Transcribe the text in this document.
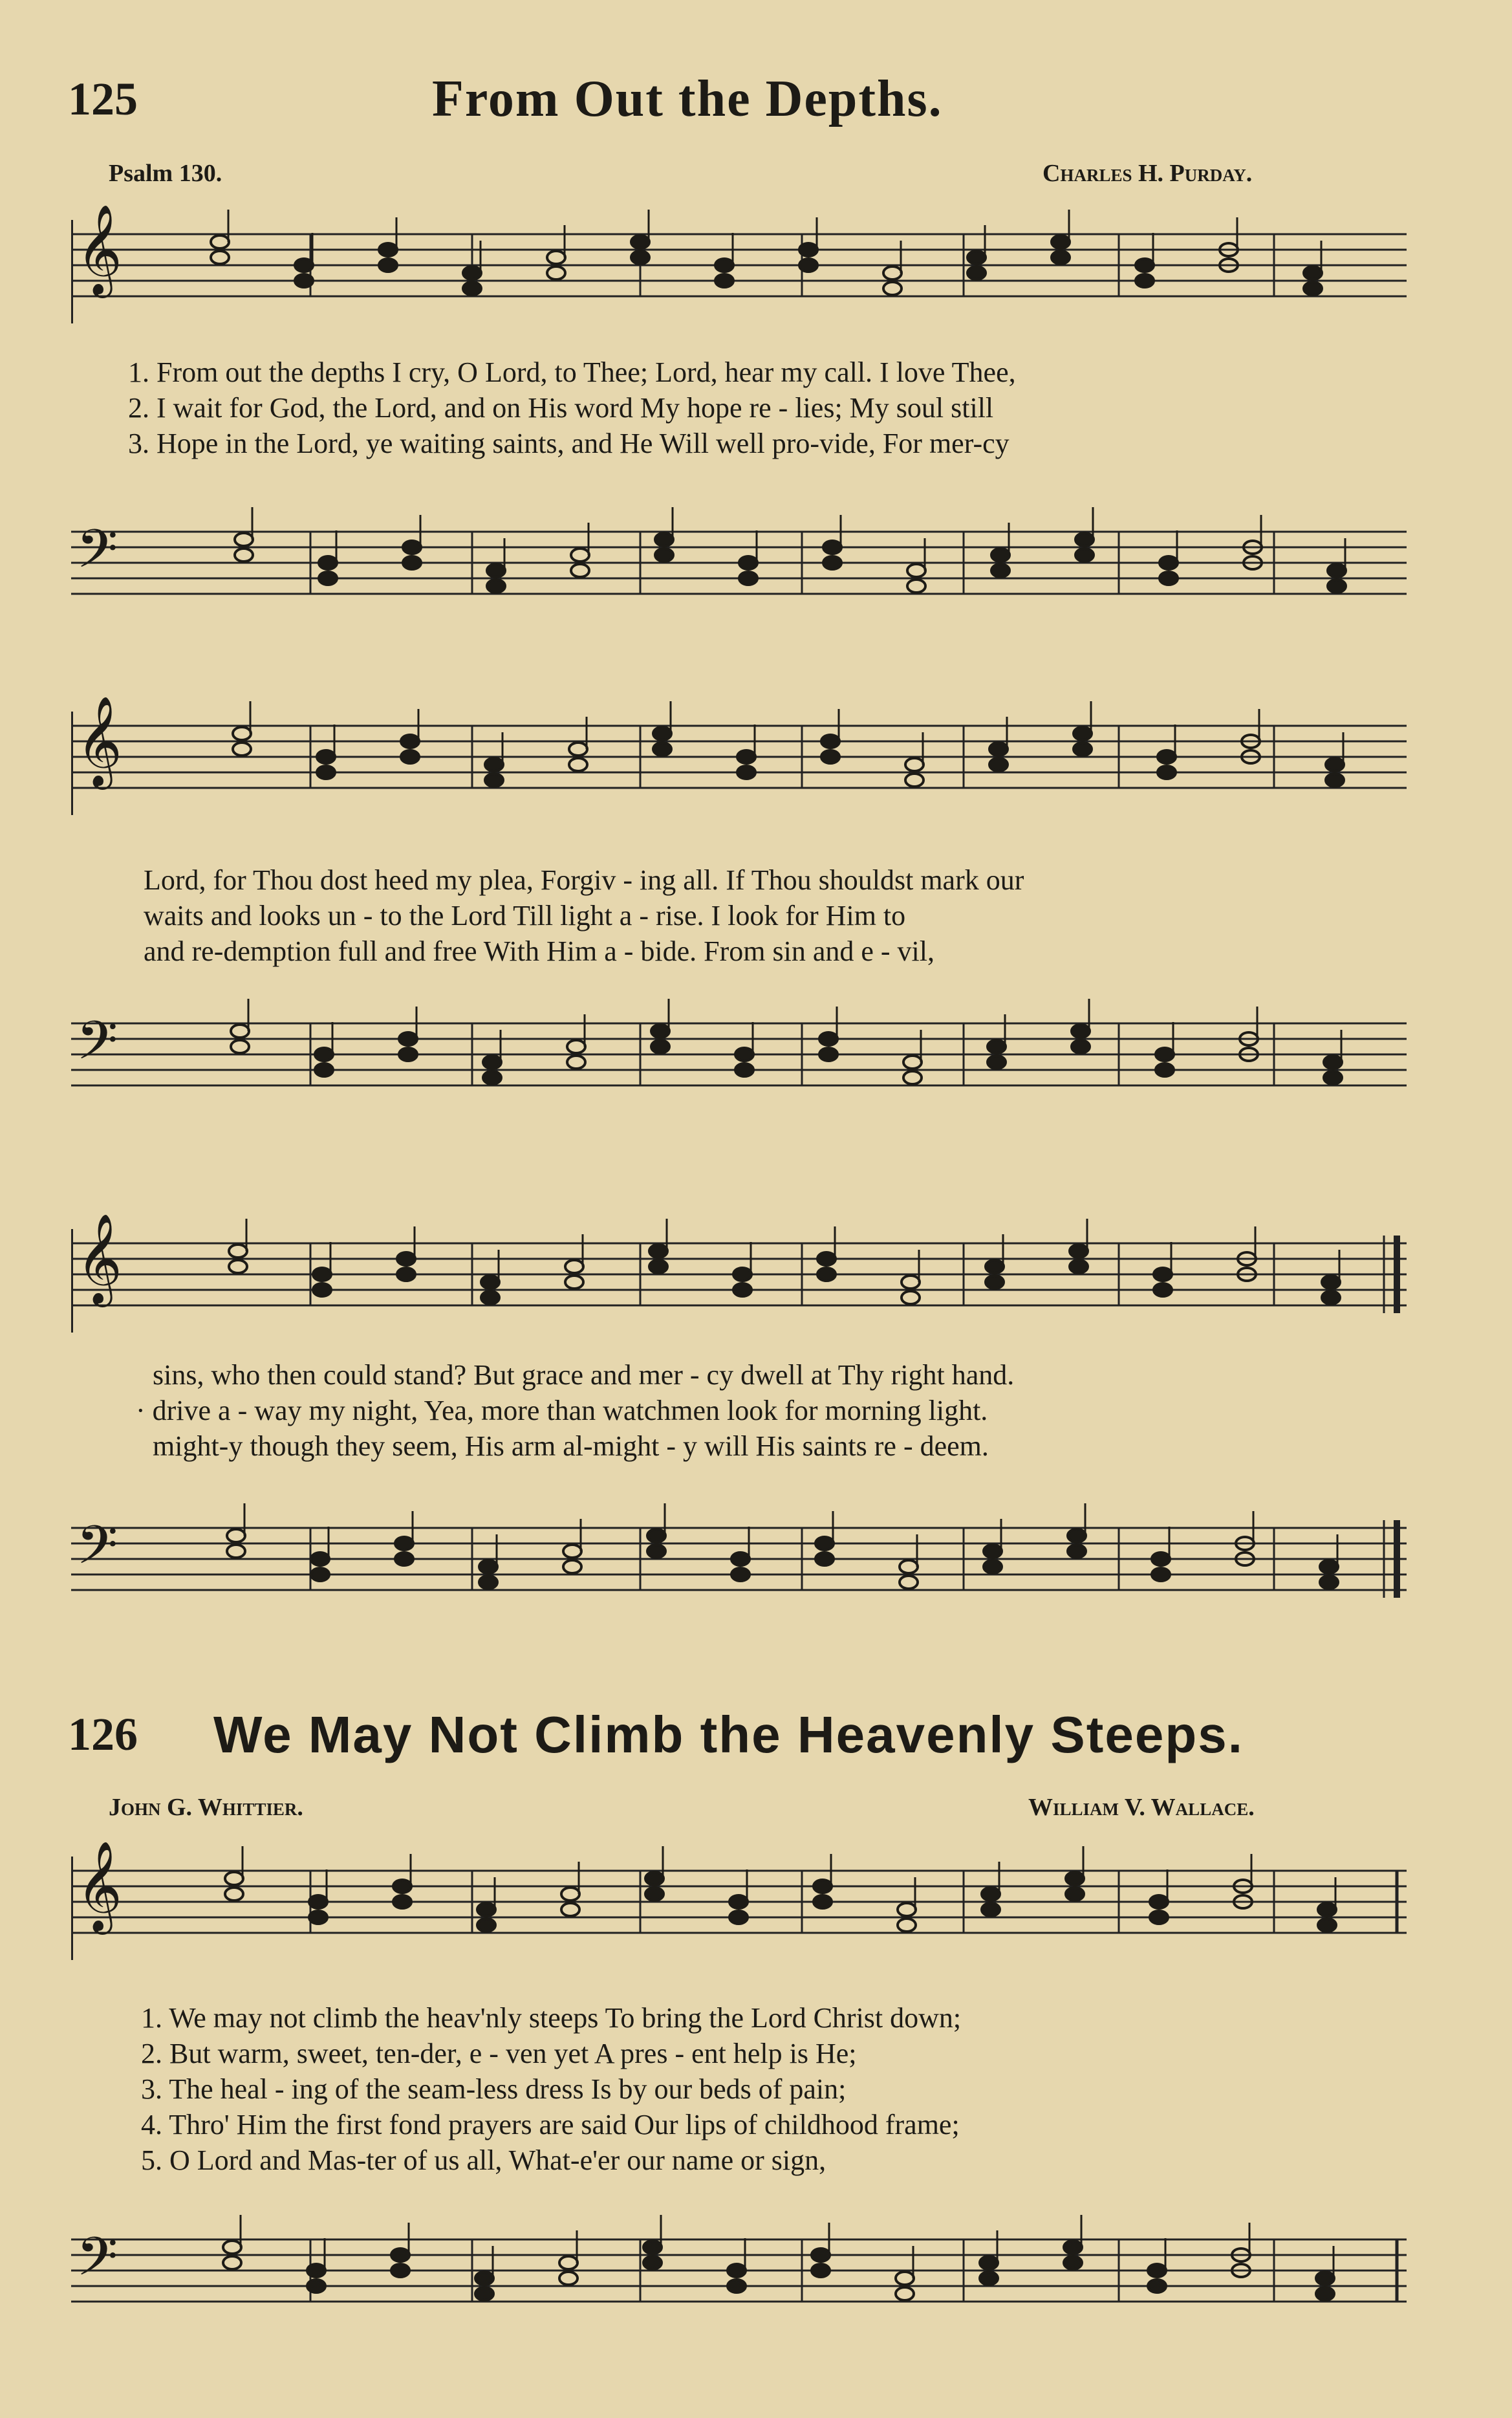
125	From Out the Depths.
Psalm 130.	Charles H. Purday.
𝄞
1. From out the depths I cry, O Lord, to Thee; Lord, hear my call. I love Thee,
2. I wait for God, the Lord, and on His word My hope re - lies; My soul still
3. Hope in the Lord, ye waiting saints, and He Will well pro-vide, For mer-cy
𝄢
𝄞
Lord, for Thou dost heed my plea, Forgiv - ing all. If Thou shouldst mark our
waits and looks un - to the Lord Till light a - rise. I look for Him to
and re-demption full and free With Him a - bide. From sin and e - vil,
𝄢
𝄞
sins, who then could stand? But grace and mer - cy dwell at Thy right hand.
· drive a - way my night, Yea, more than watchmen look for morning light.
might-y though they seem, His arm al-might - y will His saints re - deem.
𝄢
126 We May Not Climb the Heavenly Steeps.
John G. Whittier.	William V. Wallace.
𝄞
1. We may not climb the heav'nly steeps To bring the Lord Christ down;
2. But warm, sweet, ten-der, e - ven yet A pres - ent help is He;
3. The heal - ing of the seam-less dress Is by our beds of pain;
4. Thro' Him the first fond prayers are said Our lips of childhood frame;
5. O Lord and Mas-ter of us all, What-e'er our name or sign,
𝄢
